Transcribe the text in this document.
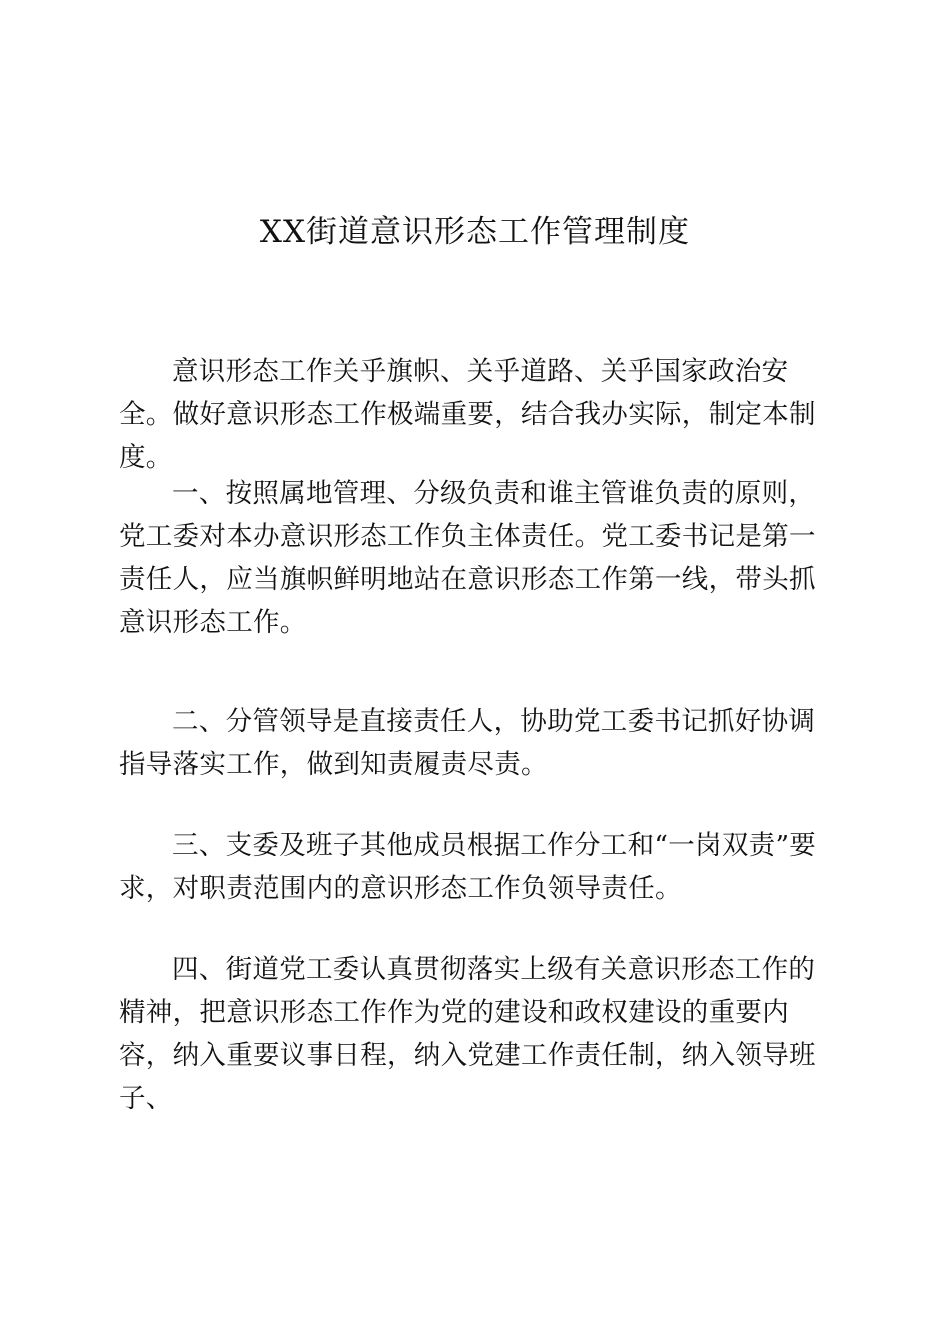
XX街道意识形态工作管理制度

意识形态工作关乎旗帜、关乎道路、关乎国家政治安全。做好意识形态工作极端重要，结合我办实际，制定本制度。

一、按照属地管理、分级负责和谁主管谁负责的原则，党工委对本办意识形态工作负主体责任。党工委书记是第一责任人，应当旗帜鲜明地站在意识形态工作第一线，带头抓意识形态工作。

二、分管领导是直接责任人，协助党工委书记抓好协调指导落实工作，做到知责履责尽责。

三、支委及班子其他成员根据工作分工和“一岗双责”要求，对职责范围内的意识形态工作负领导责任。

四、街道党工委认真贯彻落实上级有关意识形态工作的精神，把意识形态工作作为党的建设和政权建设的重要内容，纳入重要议事日程，纳入党建工作责任制，纳入领导班子、
